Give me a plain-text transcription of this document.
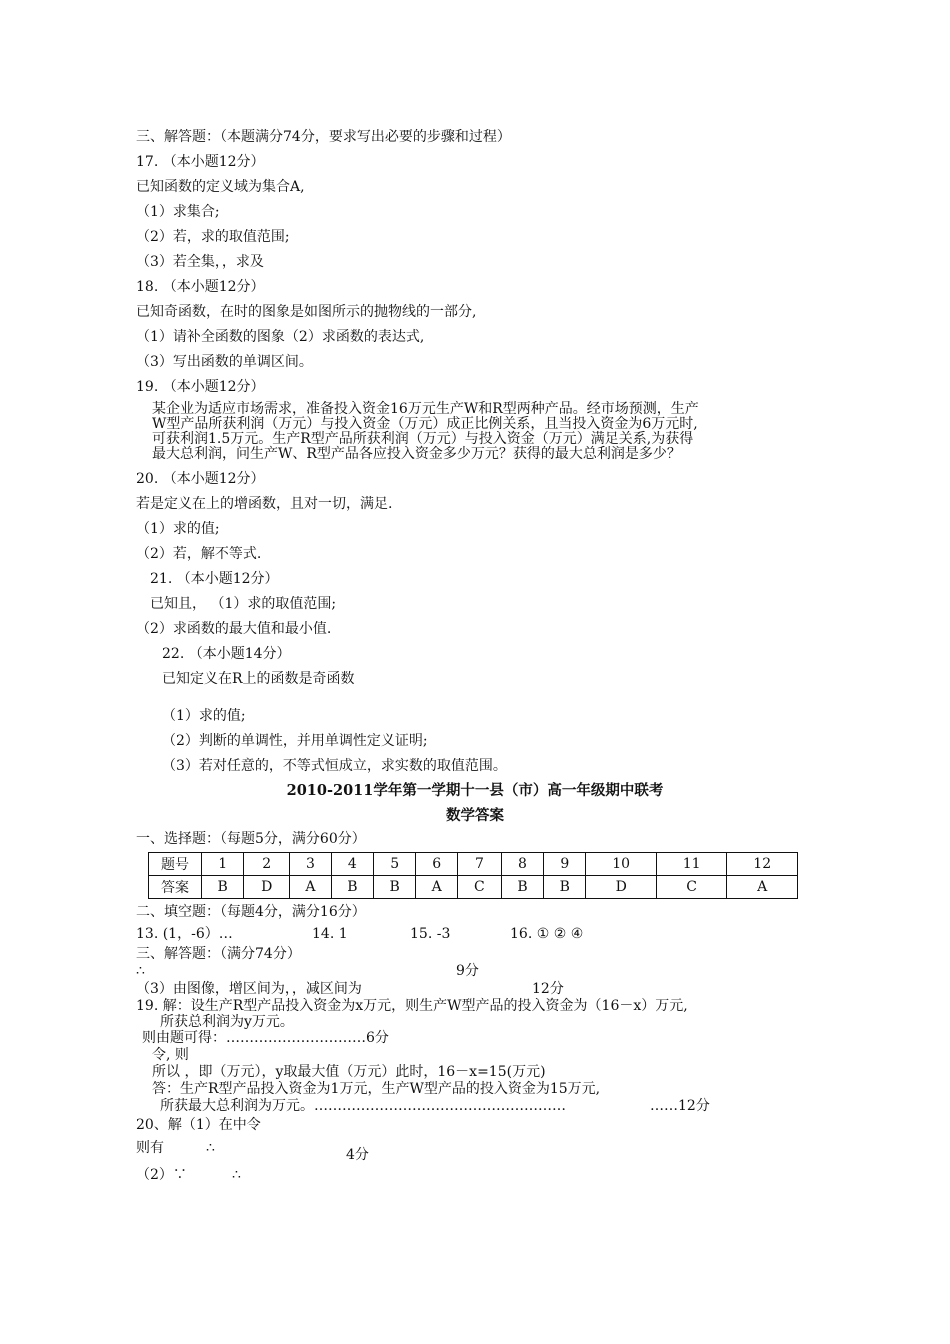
三、解答题：（本题满分74分，要求写出必要的步骤和过程）
17. （本小题12分）
已知函数的定义域为集合A,
（1）求集合;
（2）若，求的取值范围;
（3）若全集，，求及
18. （本小题12分）
已知奇函数，在时的图象是如图所示的抛物线的一部分,
（1）请补全函数的图象（2）求函数的表达式,
（3）写出函数的单调区间。
19. （本小题12分）
某企业为适应市场需求，准备投入资金16万元生产W和R型两种产品。经市场预测，生产
W型产品所获利润（万元）与投入资金（万元）成正比例关系，且当投入资金为6万元时,
可获利润1.5万元。生产R型产品所获利润（万元）与投入资金（万元）满足关系,为获得
最大总利润，问生产W、R型产品各应投入资金多少万元？获得的最大总利润是多少？
20. （本小题12分）
若是定义在上的增函数，且对一切，满足.
（1）求的值;
（2）若，解不等式.
21. （本小题12分）
已知且， （1）求的取值范围;
（2）求函数的最大值和最小值.
22. （本小题14分）
已知定义在R上的函数是奇函数
（1）求的值;
（2）判断的单调性，并用单调性定义证明;
（3）若对任意的，不等式恒成立，求实数的取值范围。
2010-2011学年第一学期十一县（市）高一年级期中联考
数学答案
一、选择题：（每题5分，满分60分）
题号	1	2	3	4	5	6	7	8	9	10	11	12
答案	B	D	A	B	B	A	C	B	B	D	C	A
二、填空题：（每题4分，满分16分）
13. (1，-6）…	14. 1	15. -3	16. ① ② ④
三、解答题：（满分74分）
∴	9分
（3）由图像，增区间为，，减区间为	12分
19. 解：设生产R型产品投入资金为x万元，则生产W型产品的投入资金为（16－x）万元,
所获总利润为y万元。
则由题可得：…………………………6分
令, 则
所以 ，即（万元），y取最大值（万元）此时，16－x=15(万元)
答：生产R型产品投入资金为1万元，生产W型产品的投入资金为15万元,
所获最大总利润为万元。………………………………………………	……12分
20、解（1）在中令
则有	∴	4分
（2）∵	∴
